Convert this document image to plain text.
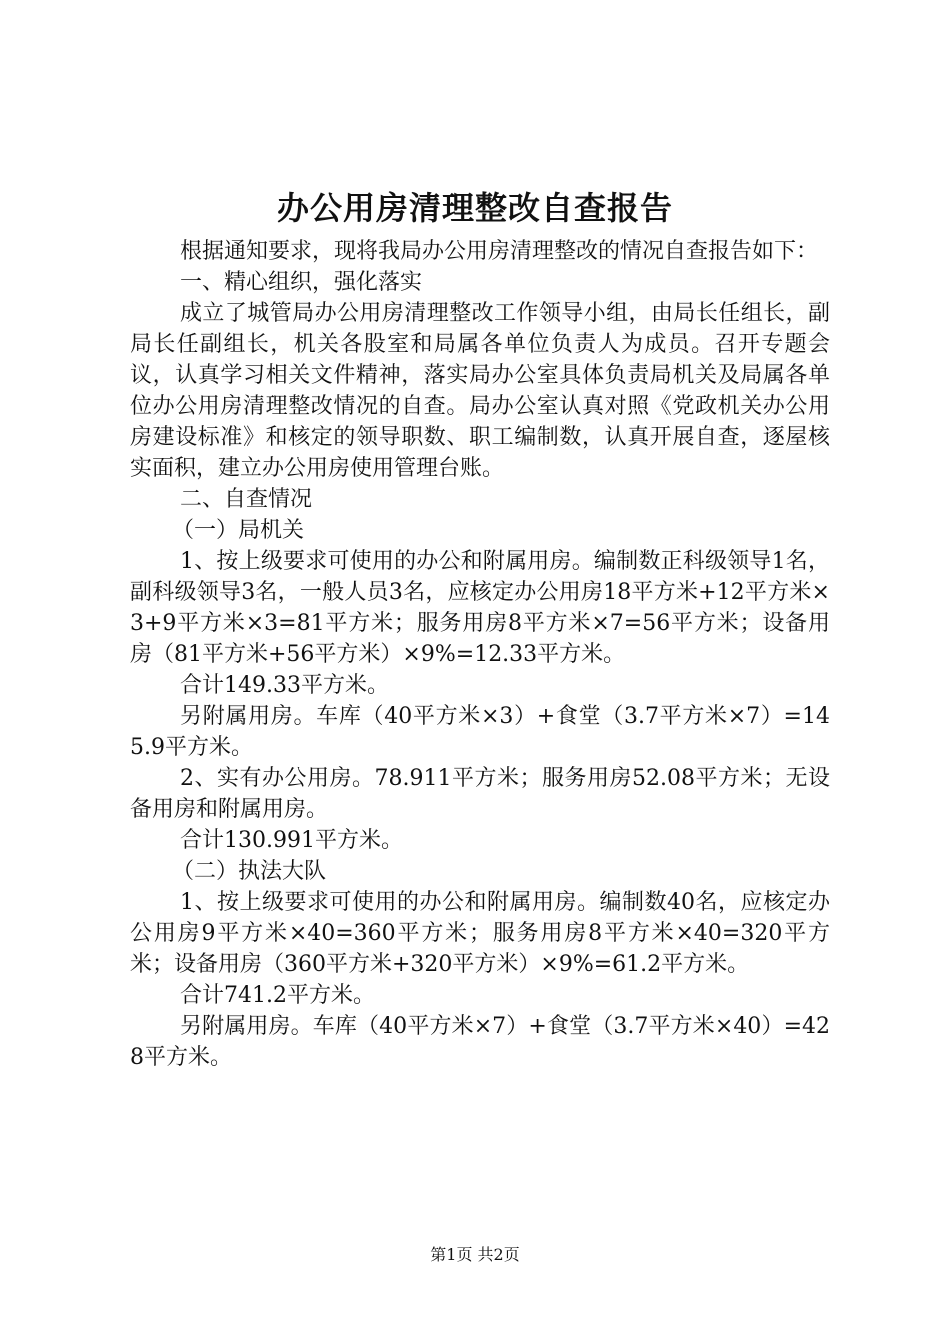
办公用房清理整改自查报告

根据通知要求，现将我局办公用房清理整改的情况自查报告如下：

一、精心组织，强化落实

成立了城管局办公用房清理整改工作领导小组，由局长任组长，副局长任副组长，机关各股室和局属各单位负责人为成员。召开专题会议，认真学习相关文件精神，落实局办公室具体负责局机关及局属各单位办公用房清理整改情况的自查。局办公室认真对照《党政机关办公用房建设标准》和核定的领导职数、职工编制数，认真开展自查，逐屋核实面积，建立办公用房使用管理台账。

二、自查情况

（一）局机关

1、按上级要求可使用的办公和附属用房。编制数正科级领导1名，副科级领导3名，一般人员3名，应核定办公用房18平方米+12平方米×3+9平方米×3=81平方米；服务用房8平方米×7=56平方米；设备用房（81平方米+56平方米）×9%=12.33平方米。

合计149.33平方米。

另附属用房。车库（40平方米×3）+食堂（3.7平方米×7）=145.9平方米。

2、实有办公用房。78.911平方米；服务用房52.08平方米；无设备用房和附属用房。

合计130.991平方米。

（二）执法大队

1、按上级要求可使用的办公和附属用房。编制数40名，应核定办公用房9平方米×40=360平方米；服务用房8平方米×40=320平方米；设备用房（360平方米+320平方米）×9%=61.2平方米。

合计741.2平方米。

另附属用房。车库（40平方米×7）+食堂（3.7平方米×40）=428平方米。

第1页 共2页
